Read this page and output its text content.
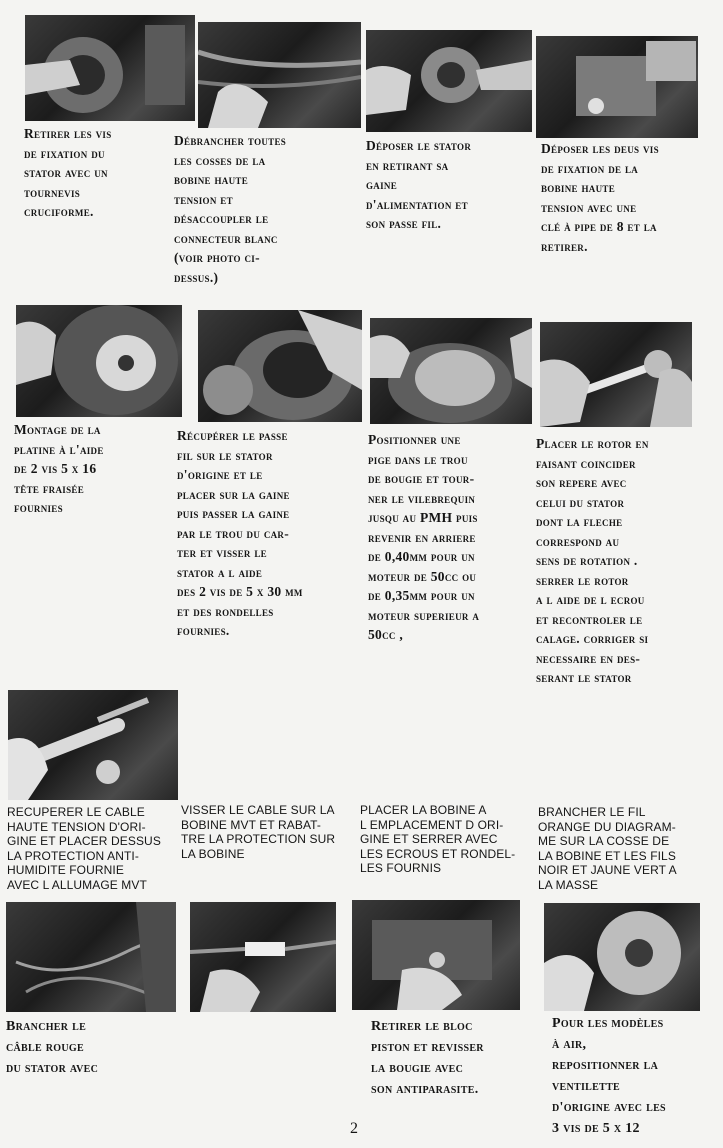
Retirer les vis
de fixation du
stator avec un
tournevis
cruciforme.
Débrancher toutes
les cosses de la
bobine haute
tension et
désaccoupler le
connecteur blanc
(voir photo ci-
dessus.)
Déposer le stator
en retirant sa
gaine
d'alimentation et
son passe fil.
Déposer les deus vis
de fixation de la
bobine haute
tension avec une
clé à pipe de 8 et la
retirer.
Montage de la
platine à l'aide
de 2 vis 5 x 16
tête fraisée
fournies
Récupérer le passe
fil sur le stator
d'origine et le
placer sur la gaine
puis passer la gaine
par le trou du car-
ter et visser le
stator a l aide
des 2 vis de 5 x 30 mm
et des rondelles
fournies.
Positionner une
pige dans le trou
de bougie et tour-
ner le vilebrequin
jusqu au PMH puis
revenir en arriere
de 0,40mm pour un
moteur de 50cc ou
de 0,35mm pour un
moteur superieur a
50cc ,
Placer le rotor en
faisant coincider
son repere avec
celui du stator
dont la fleche
correspond au
sens de rotation .
serrer le rotor
a l aide de l ecrou
et recontroler le
calage. corriger si
necessaire en des-
serant le stator
RECUPERER LE CABLE
HAUTE TENSION D'ORI-
GINE ET PLACER DESSUS
LA PROTECTION ANTI-
HUMIDITE FOURNIE
AVEC L ALLUMAGE MVT
VISSER LE CABLE SUR LA
BOBINE MVT ET RABAT-
TRE LA PROTECTION SUR
LA BOBINE
PLACER LA BOBINE A
L EMPLACEMENT D ORI-
GINE ET SERRER AVEC
LES ECROUS ET RONDEL-
LES FOURNIS
BRANCHER LE FIL
ORANGE DU DIAGRAM-
ME SUR LA COSSE DE
LA BOBINE ET LES FILS
NOIR ET JAUNE VERT A
LA MASSE
Brancher le
câble rouge
du stator avec
Retirer le bloc
piston et revisser
la bougie avec
son antiparasite.
Pour les modèles
à air,
repositionner la
ventilette
d'origine avec les
3 vis de 5 x 12
2
